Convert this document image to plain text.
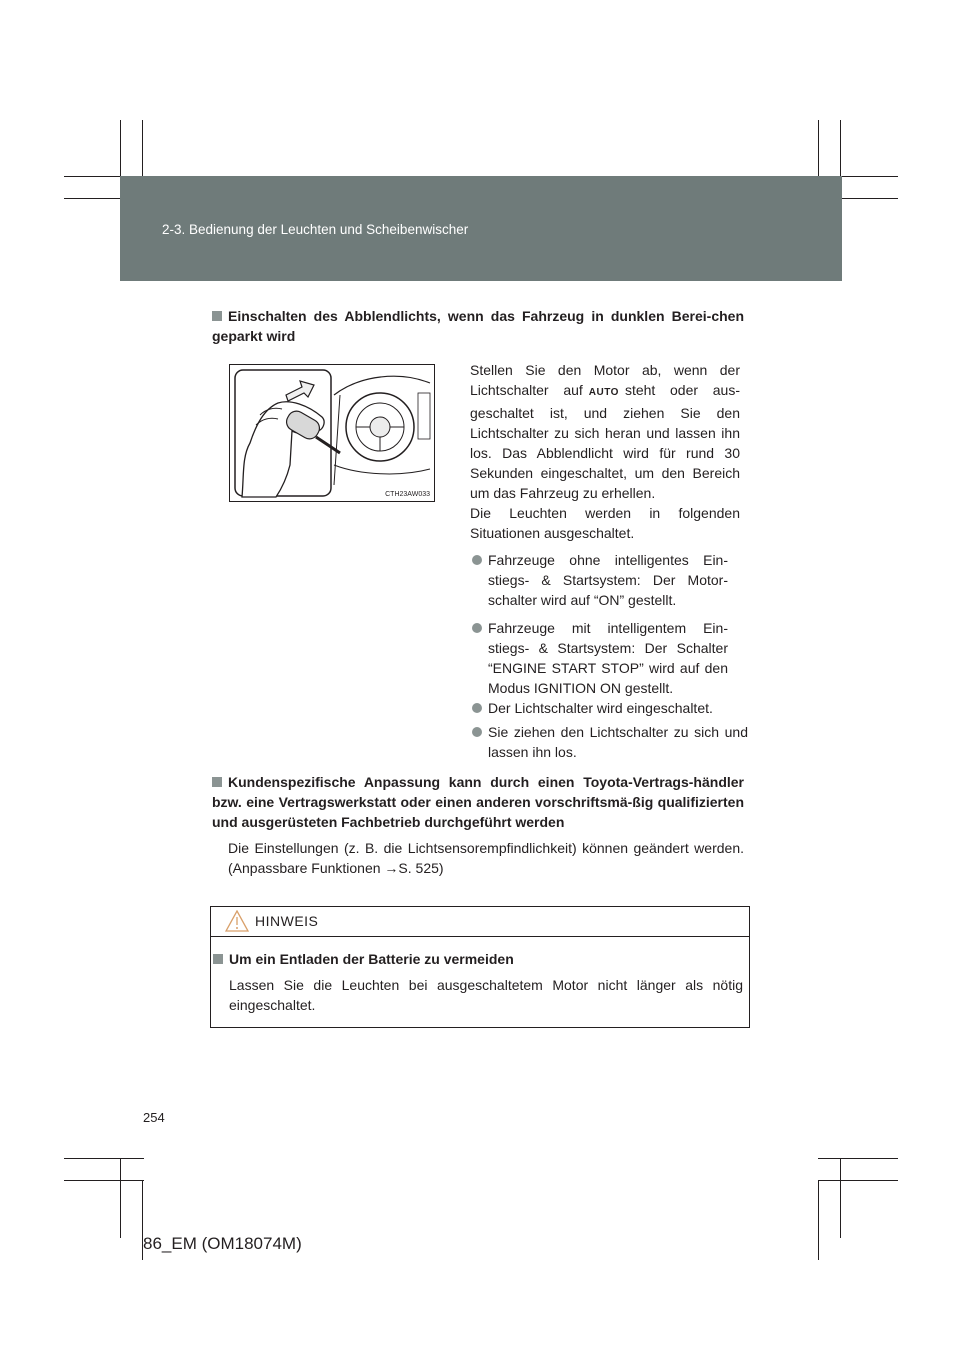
2-3. Bedienung der Leuchten und Scheibenwischer
Einschalten des Abblendlichts, wenn das Fahrzeug in dunklen Berei-chen geparkt wird
CTH23AW033
Stellen Sie den Motor ab, wenn der Lichtschalter auf AUTO steht oder aus-geschaltet ist, und ziehen Sie den Lichtschalter zu sich heran und lassen ihn los. Das Abblendlicht wird für rund 30 Sekunden eingeschaltet, um den Bereich um das Fahrzeug zu erhellen.
Die Leuchten werden in folgenden Situationen ausgeschaltet.
Fahrzeuge ohne intelligentes Ein-stiegs- & Startsystem: Der Motor-schalter wird auf “ON” gestellt.
Fahrzeuge mit intelligentem Ein-stiegs- & Startsystem: Der Schalter “ENGINE START STOP” wird auf den Modus IGNITION ON gestellt.
Der Lichtschalter wird eingeschaltet.
Sie ziehen den Lichtschalter zu sich und lassen ihn los.
Kundenspezifische Anpassung kann durch einen Toyota-Vertrags-händler bzw. eine Vertragswerkstatt oder einen anderen vorschriftsmä-ßig qualifizierten und ausgerüsteten Fachbetrieb durchgeführt werden
Die Einstellungen (z. B. die Lichtsensorempfindlichkeit) können geändert werden. (Anpassbare Funktionen →S. 525)
HINWEIS
Um ein Entladen der Batterie zu vermeiden
Lassen Sie die Leuchten bei ausgeschaltetem Motor nicht länger als nötig eingeschaltet.
254
86_EM (OM18074M)
